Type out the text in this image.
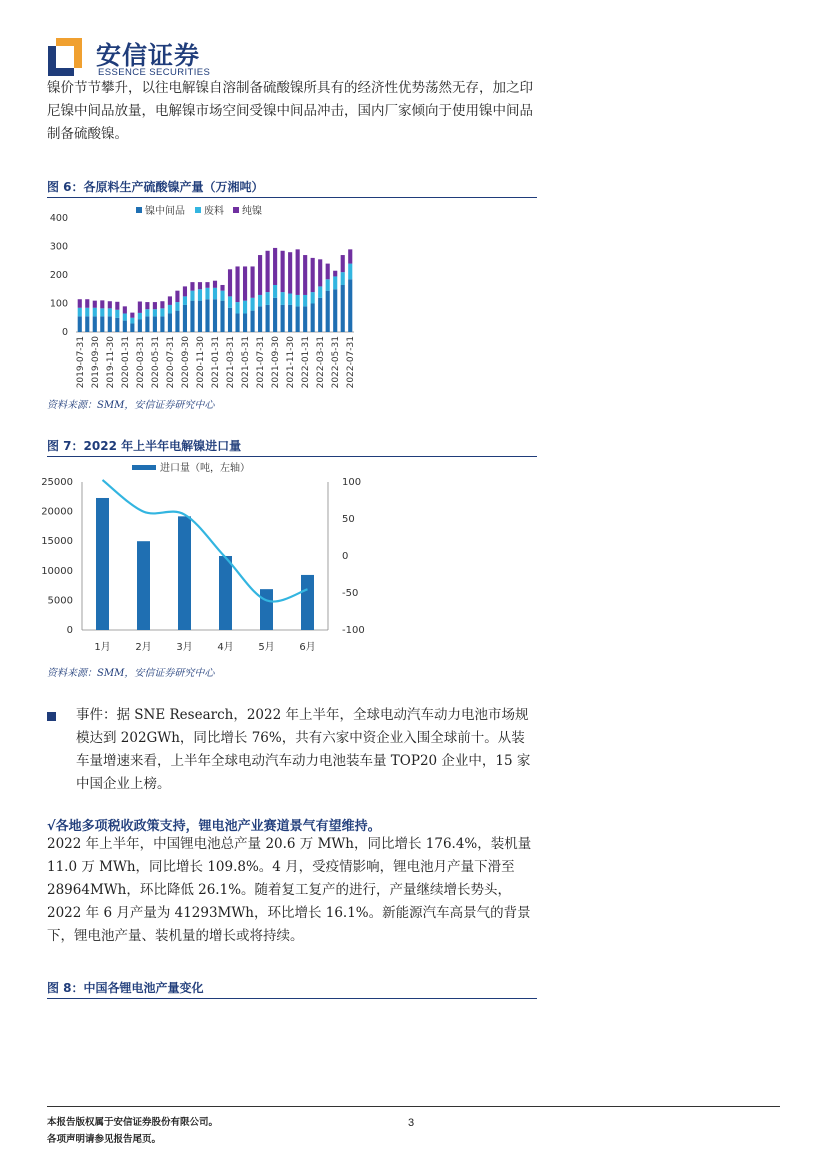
安信证券
ESSENCE SECURITIES
镍价节节攀升，以往电解镍自溶制备硫酸镍所具有的经济性优势荡然无存，加之印尼镍中间品放量，电解镍市场空间受镍中间品冲击，国内厂家倾向于使用镍中间品制备硫酸镍。
图 6：各原料生产硫酸镍产量（万湘吨）
镍中间品 废料 纯镍
0
100
200
300
400
2019-07-31 2019-09-30 2019-11-30 2020-01-31 2020-03-31 2020-05-31 2020-07-31 2020-09-30 2020-11-30 2021-01-31 2021-03-31 2021-05-31 2021-07-31 2021-09-30 2021-11-30 2022-01-31 2022-03-31 2022-05-31 2022-07-31
资料来源：SMM，安信证券研究中心
图 7：2022 年上半年电解镍进口量
进口量（吨，左轴）
0
5000
10000
15000
20000
25000
-100
-50
0
50
100
1月 2月 3月 4月 5月 6月
资料来源：SMM，安信证券研究中心
事件：据 SNE Research，2022 年上半年，全球电动汽车动力电池市场规模达到 202GWh，同比增长 76%，共有六家中资企业入围全球前十。从装车量增速来看，上半年全球电动汽车动力电池装车量 TOP20 企业中，15 家中国企业上榜。
√各地多项税收政策支持，锂电池产业赛道景气有望维持。
2022 年上半年，中国锂电池总产量 20.6 万 MWh，同比增长 176.4%，装机量 11.0 万 MWh，同比增长 109.8%。4 月，受疫情影响，锂电池月产量下滑至 28964MWh，环比降低 26.1%。随着复工复产的进行，产量继续增长势头，2022 年 6 月产量为 41293MWh，环比增长 16.1%。新能源汽车高景气的背景下，锂电池产量、装机量的增长或将持续。
图 8：中国各锂电池产量变化
本报告版权属于安信证券股份有限公司。
各项声明请参见报告尾页。
3
